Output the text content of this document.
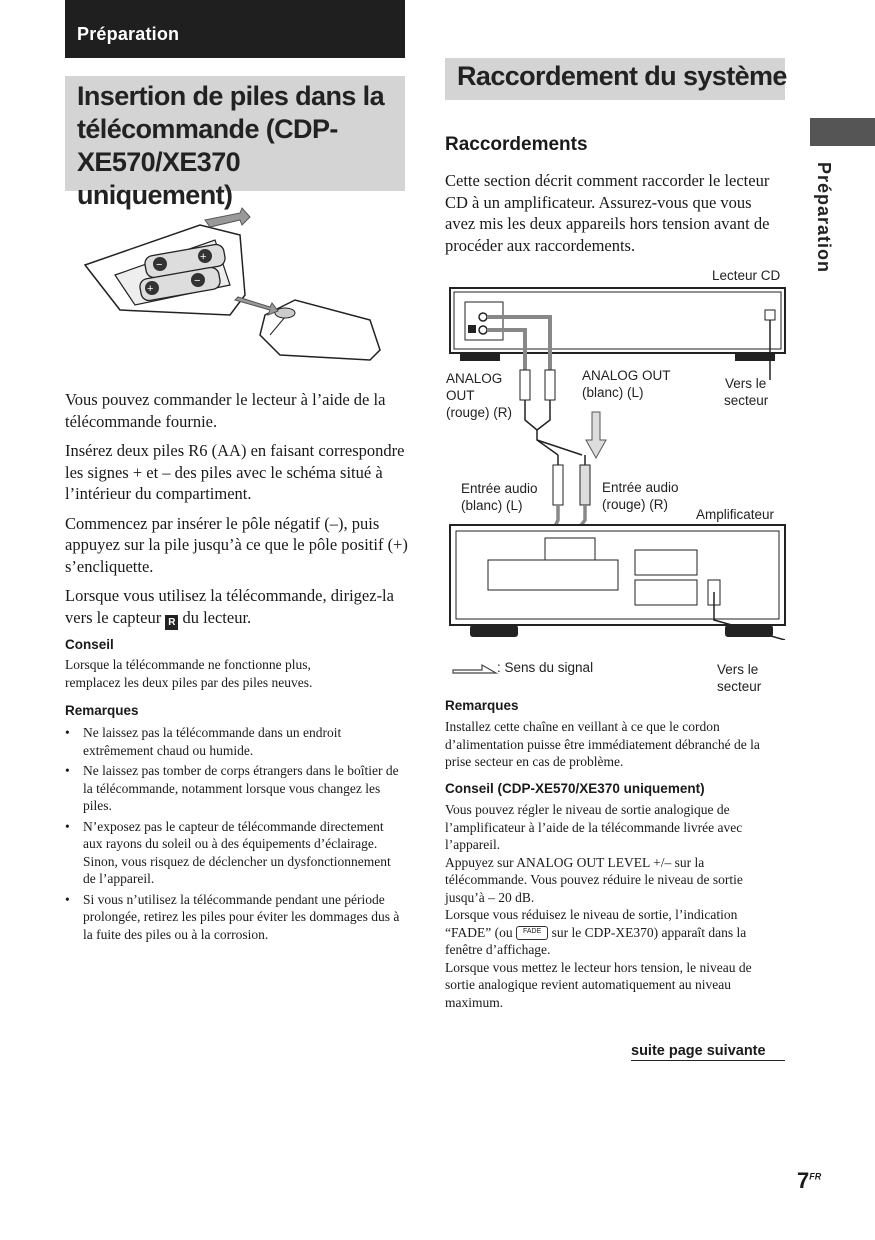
Préparation
Insertion de piles dans la télécommande (CDP-XE570/XE370 uniquement)
Raccordement du système
Préparation
−
+
+
−

Vous pouvez commander le lecteur à l’aide de la télécommande fournie.

Insérez deux piles R6 (AA) en faisant correspondre les signes + et – des piles avec le schéma situé à l’intérieur du compartiment.

Commencez par insérer le pôle négatif (–), puis appuyez sur la pile jusqu’à ce que le pôle positif (+) s’encliquette.

Lorsque vous utilisez la télécommande, dirigez-la vers le capteur R du lecteur.

Conseil
Lorsque la télécommande ne fonctionne plus, remplacez les deux piles par des piles neuves.
Remarques
• Ne laissez pas la télécommande dans un endroit extrêmement chaud ou humide.
• Ne laissez pas tomber de corps étrangers dans le boîtier de la télécommande, notamment lorsque vous changez les piles.
• N’exposez pas le capteur de télécommande directement aux rayons du soleil ou à des équipements d’éclairage. Sinon, vous risquez de déclencher un dysfonctionnement de l’appareil.
• Si vous n’utilisez la télécommande pendant une période prolongée, retirez les piles pour éviter les dommages dus à la fuite des piles ou à la corrosion.
Raccordements
Cette section décrit comment raccorder le lecteur CD à un amplificateur. Assurez-vous que vous avez mis les deux appareils hors tension avant de procéder aux raccordements.
Lecteur CD
ANALOG
OUT
(rouge) (R)
ANALOG OUT
(blanc) (L)
Vers le
secteur
Entrée audio
(blanc) (L)
Entrée audio
(rouge) (R)
Amplificateur
: Sens du signal	Vers le
secteur
Remarques
Installez cette chaîne en veillant à ce que le cordon d’alimentation puisse être immédiatement débranché de la prise secteur en cas de problème.
Conseil (CDP-XE570/XE370 uniquement)
Vous pouvez régler le niveau de sortie analogique de l’amplificateur à l’aide de la télécommande livrée avec l’appareil.
Appuyez sur ANALOG OUT LEVEL +/– sur la télécommande. Vous pouvez réduire le niveau de sortie jusqu’à – 20 dB.
Lorsque vous réduisez le niveau de sortie, l’indication “FADE” (ou FADE sur le CDP-XE370) apparaît dans la fenêtre d’affichage.
Lorsque vous mettez le lecteur hors tension, le niveau de sortie analogique revient automatiquement au niveau maximum.
suite page suivante
$7^{FR}$
